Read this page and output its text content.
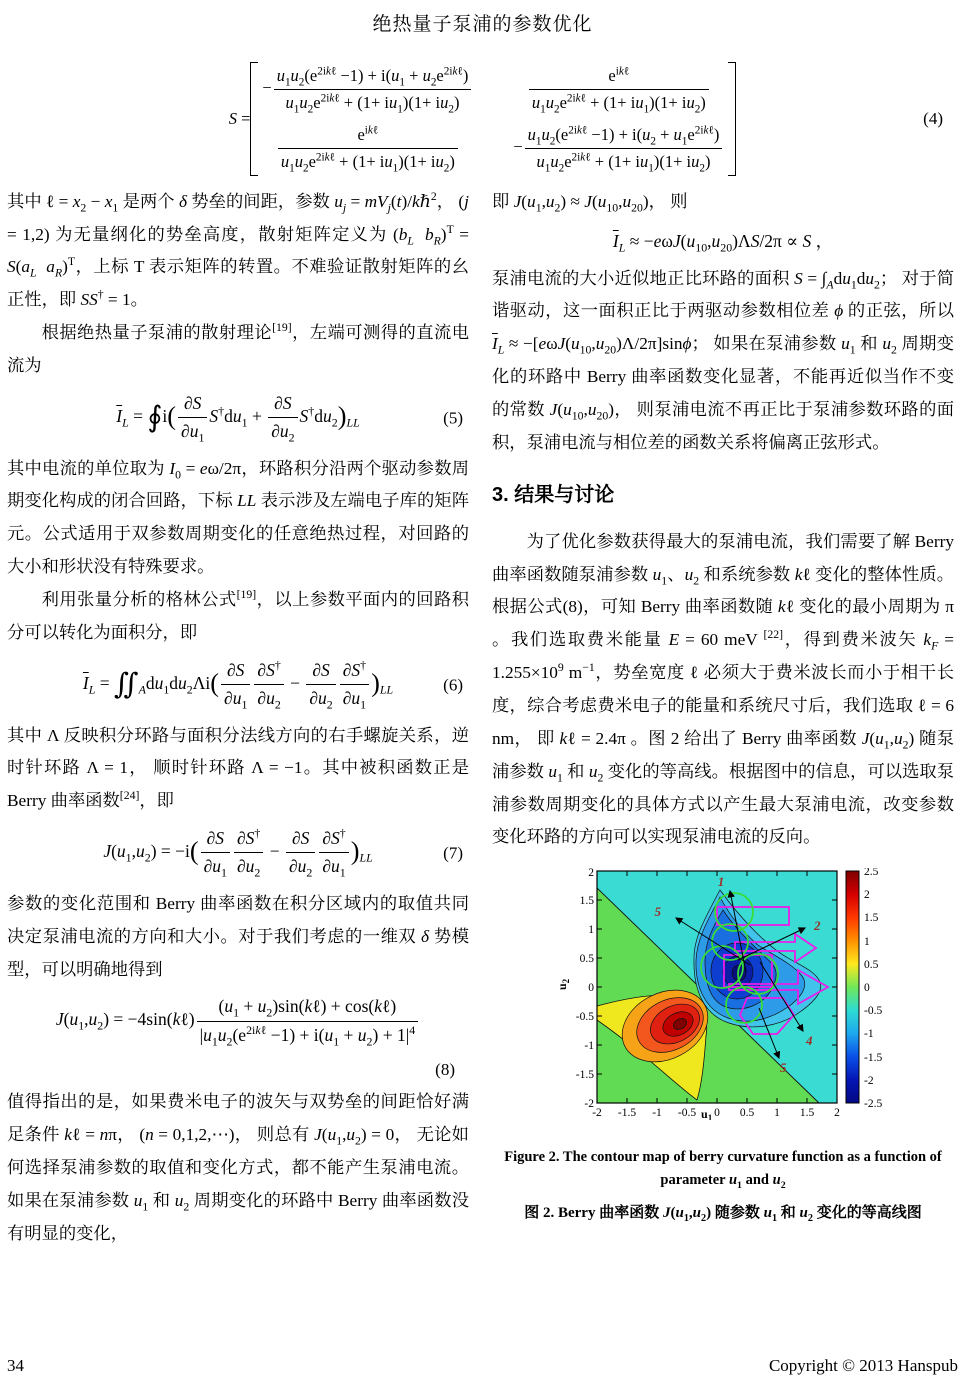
绝热量子泵浦的参数优化
S =
− $\frac{u_1u_2(e^{2ik\ell} -1) + i(u_1 + u_2e^{2ik\ell})}{u_1u_2e^{2ik\ell} + (1+ iu_1)(1+ iu_2)}$	$\frac{e^{ik\ell}}{u_1u_2e^{2ik\ell} + (1+ iu_1)(1+ iu_2)}$
$\frac{e^{ik\ell}}{u_1u_2e^{2ik\ell} + (1+ iu_1)(1+ iu_2)}$	− $\frac{u_1u_2(e^{2ik\ell} -1) + i(u_2 + u_1e^{2ik\ell})}{u_1u_2e^{2ik\ell} + (1+ iu_1)(1+ iu_2)}$
(4)

其中 ℓ = $x_2 - x_1$ 是两个 δ 势垒的间距，参数 $u_j$ = $mV_j(t)/k\hbar^2$， (j = 1,2) 为无量纲化的势垒高度，散射矩阵定义为 ($b_L$ $b_R)^T = S(a_L$ $a_R)^T$，上标 T 表示矩阵的转置。不难验证散射矩阵的幺正性，即 SS† = 1。

根据绝热量子泵浦的散射理论[19]，左端可测得的直流电流为

$\overline{I}_L$ = ∮i( $\frac{\partial S}{\partial u_1} S^\dagger du_1 + \frac{\partial S}{\partial u_2} S^\dagger du_2)_{LL}$	(5)

其中电流的单位取为 $I_0 = e\omega/2\pi$，环路积分沿两个驱动参数周期变化构成的闭合回路，下标 LL 表示涉及左端电子库的矩阵元。公式适用于双参数周期变化的任意绝热过程，对回路的大小和形状没有特殊要求。

利用张量分析的格林公式[19]，以上参数平面内的回路积分可以转化为面积分，即

$\overline{I}_L$ = $∬_Adu_1du_2\Lambda i( \frac{\partial S}{\partial u_1} \frac{\partial S^\dagger}{\partial u_2} - \frac{\partial S}{\partial u_2} \frac{\partial S^\dagger}{\partial u_1} )_{LL}$	(6)

其中 Λ 反映积分环路与面积分法线方向的右手螺旋关系，逆时针环路 Λ = 1， 顺时针环路 Λ = −1。其中被积函数正是 Berry 曲率函数[24]，即

$J(u_1,u_2) = -i( \frac{\partial S}{\partial u_1} \frac{\partial S^\dagger}{\partial u_2} - \frac{\partial S}{\partial u_2} \frac{\partial S^\dagger}{\partial u_1} )_{LL}$	(7)

参数的变化范围和 Berry 曲率函数在积分区域内的取值共同决定泵浦电流的方向和大小。对于我们考虑的一维双 δ 势模型，可以明确地得到

$J(u_1,u_2)$ = −4sin(kℓ) $\frac{(u_1 + u_2)\sin(k\ell) + \cos(k\ell)}{|u_1u_2(e^{2ik\ell} -1) + i(u_1 + u_2) + 1|^4}$
(8)

值得指出的是，如果费米电子的波矢与双势垒的间距恰好满足条件 kℓ = nπ， (n = 0,1,2,⋯)， 则总有 $J(u_1,u_2) = 0$， 无论如何选择泵浦参数的取值和变化方式，都不能产生泵浦电流。如果在泵浦参数 $u_1$ 和 $u_2$ 周期变化的环路中 Berry 曲率函数没有明显的变化，

即 $J(u_1,u_2) \approx J(u_{10},u_{20})$， 则

$\overline{I}_L \approx -e\omega J(u_{10},u_{20})\Lambda S/2\pi \propto S$ ，

泵浦电流的大小近似地正比环路的面积 $S = \int_Adu_1du_2$； 对于简谐驱动，这一面积正比于两驱动参数相位差 ϕ 的正弦，所以 $\overline{I}_L \approx -[e\omega J(u_{10},u_{20})\Lambda/2\pi]\sin\phi$； 如果在泵浦参数 $u_1$ 和 $u_2$ 周期变化的环路中 Berry 曲率函数变化显著，不能再近似当作不变的常数 $J(u_{10},u_{20})$， 则泵浦电流不再正比于泵浦参数环路的面积，泵浦电流与相位差的函数关系将偏离正弦形式。

3. 结果与讨论

为了优化参数获得最大的泵浦电流，我们需要了解 Berry 曲率函数随泵浦参数 $u_1$、$u_2$ 和系统参数 kℓ 变化的整体性质。根据公式(8)，可知 Berry 曲率函数随 kℓ 变化的最小周期为 π 。我们选取费米能量 E = 60 meV [22]，得到费米波矢 $k_F = 1.255\times 10^9$ $m^{-1}$，势垒宽度 ℓ 必须大于费米波长而小于相干长度，综合考虑费米电子的能量和系统尺寸后，我们选取 ℓ = 6 nm， 即 kℓ = 2.4π 。图 2 给出了 Berry 曲率函数 $J(u_1,u_2)$ 随泵浦参数 $u_1$ 和 $u_2$ 变化的等高线。根据图中的信息，可以选取泵浦参数周期变化的具体方式以产生最大泵浦电流，改变参数变化环路的方向可以实现泵浦电流的反向。

1
2
5
4
5
-2 -1.5 -1 -0.5 0 0.5 1 1.5 2
2
1.5
1
0.5
0
-0.5
-1
-1.5
-2
$u_1$
$u_2$
2.5
2
1.5
1
0.5
0
-0.5
-1
-1.5
-2
-2.5
Figure 2. The contour map of berry curvature function as a function of parameter $u_1$ and $u_2$
图 2. Berry 曲率函数 $J(u_1,u_2)$ 随参数 $u_1$ 和 $u_2$ 变化的等高线图
34	Copyright © 2013 Hanspub
